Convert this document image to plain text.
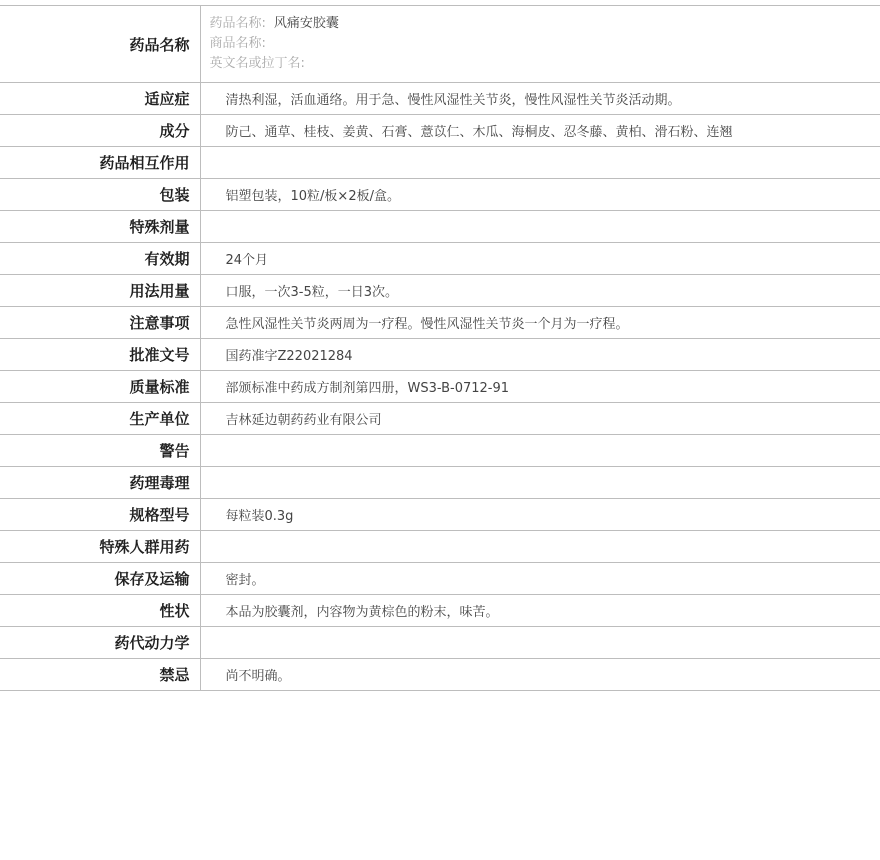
药品名称	药品名称: 风痛安胶囊
商品名称:
英文名或拉丁名:

适应症	清热利湿，活血通络。用于急、慢性风湿性关节炎，慢性风湿性关节炎活动期。
成分	防己、通草、桂枝、姜黄、石膏、薏苡仁、木瓜、海桐皮、忍冬藤、黄柏、滑石粉、连翘
药品相互作用	
包装	铝塑包装，10粒/板×2板/盒。
特殊剂量	
有效期	24个月
用法用量	口服，一次3-5粒，一日3次。
注意事项	急性风湿性关节炎两周为一疗程。慢性风湿性关节炎一个月为一疗程。
批准文号	国药准字Z22021284
质量标准	部颁标准中药成方制剂第四册，WS3-B-0712-91
生产单位	吉林延边朝药药业有限公司
警告	
药理毒理	
规格型号	每粒装0.3g
特殊人群用药	
保存及运输	密封。
性状	本品为胶囊剂，内容物为黄棕色的粉末，味苦。
药代动力学	
禁忌	尚不明确。
